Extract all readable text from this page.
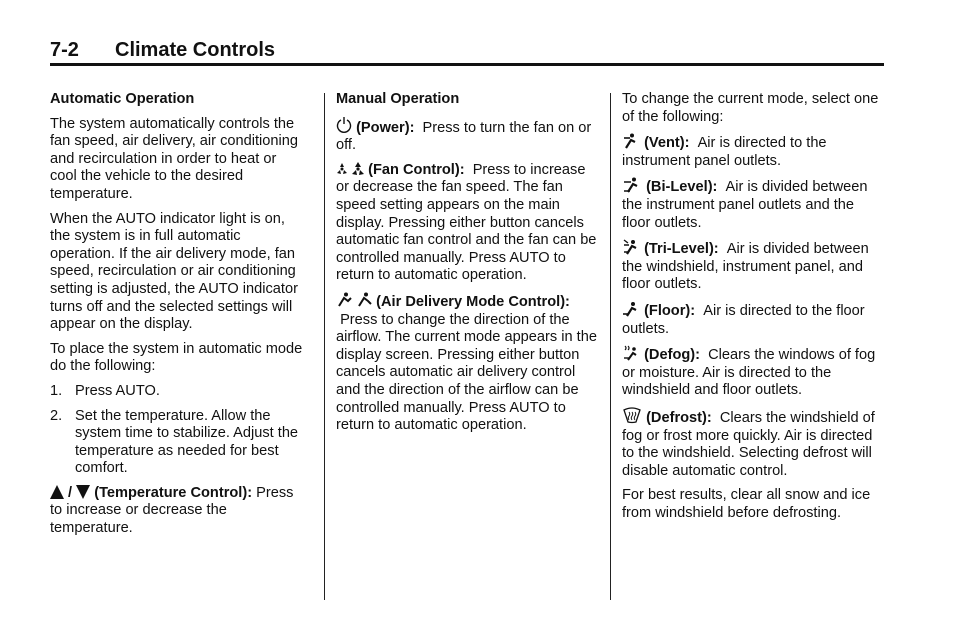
7-2 Climate Controls
Automatic Operation

The system automatically controls the fan speed, air delivery, air conditioning and recirculation in order to heat or cool the vehicle to the desired temperature.

When the AUTO indicator light is on, the system is in full automatic operation. If the air delivery mode, fan speed, recirculation or air conditioning setting is adjusted, the AUTO indicator turns off and the selected settings will appear on the display.

To place the system in automatic mode do the following:

1. Press AUTO.
2. Set the temperature. Allow the system time to stabilize. Adjust the temperature as needed for best comfort.

/  (Temperature Control): Press to increase or decrease the temperature.

Manual Operation

(Power): Press to turn the fan on or off.

(Fan Control): Press to increase or decrease the fan speed. The fan speed setting appears on the main display. Pressing either button cancels automatic fan control and the fan can be controlled manually. Press AUTO to return to automatic operation.

(Air Delivery Mode Control):  Press to change the direction of the airflow. The current mode appears in the display screen. Pressing either button cancels automatic air delivery control and the direction of the airflow can be controlled manually. Press AUTO to return to automatic operation.

To change the current mode, select one of the following:

(Vent): Air is directed to the instrument panel outlets.

(Bi-Level): Air is divided between the instrument panel outlets and the floor outlets.

(Tri-Level): Air is divided between the windshield, instrument panel, and floor outlets.

(Floor): Air is directed to the floor outlets.

(Defog): Clears the windows of fog or moisture. Air is directed to the windshield and floor outlets.

(Defrost): Clears the windshield of fog or frost more quickly. Air is directed to the windshield. Selecting defrost will disable automatic control.

For best results, clear all snow and ice from windshield before defrosting.
